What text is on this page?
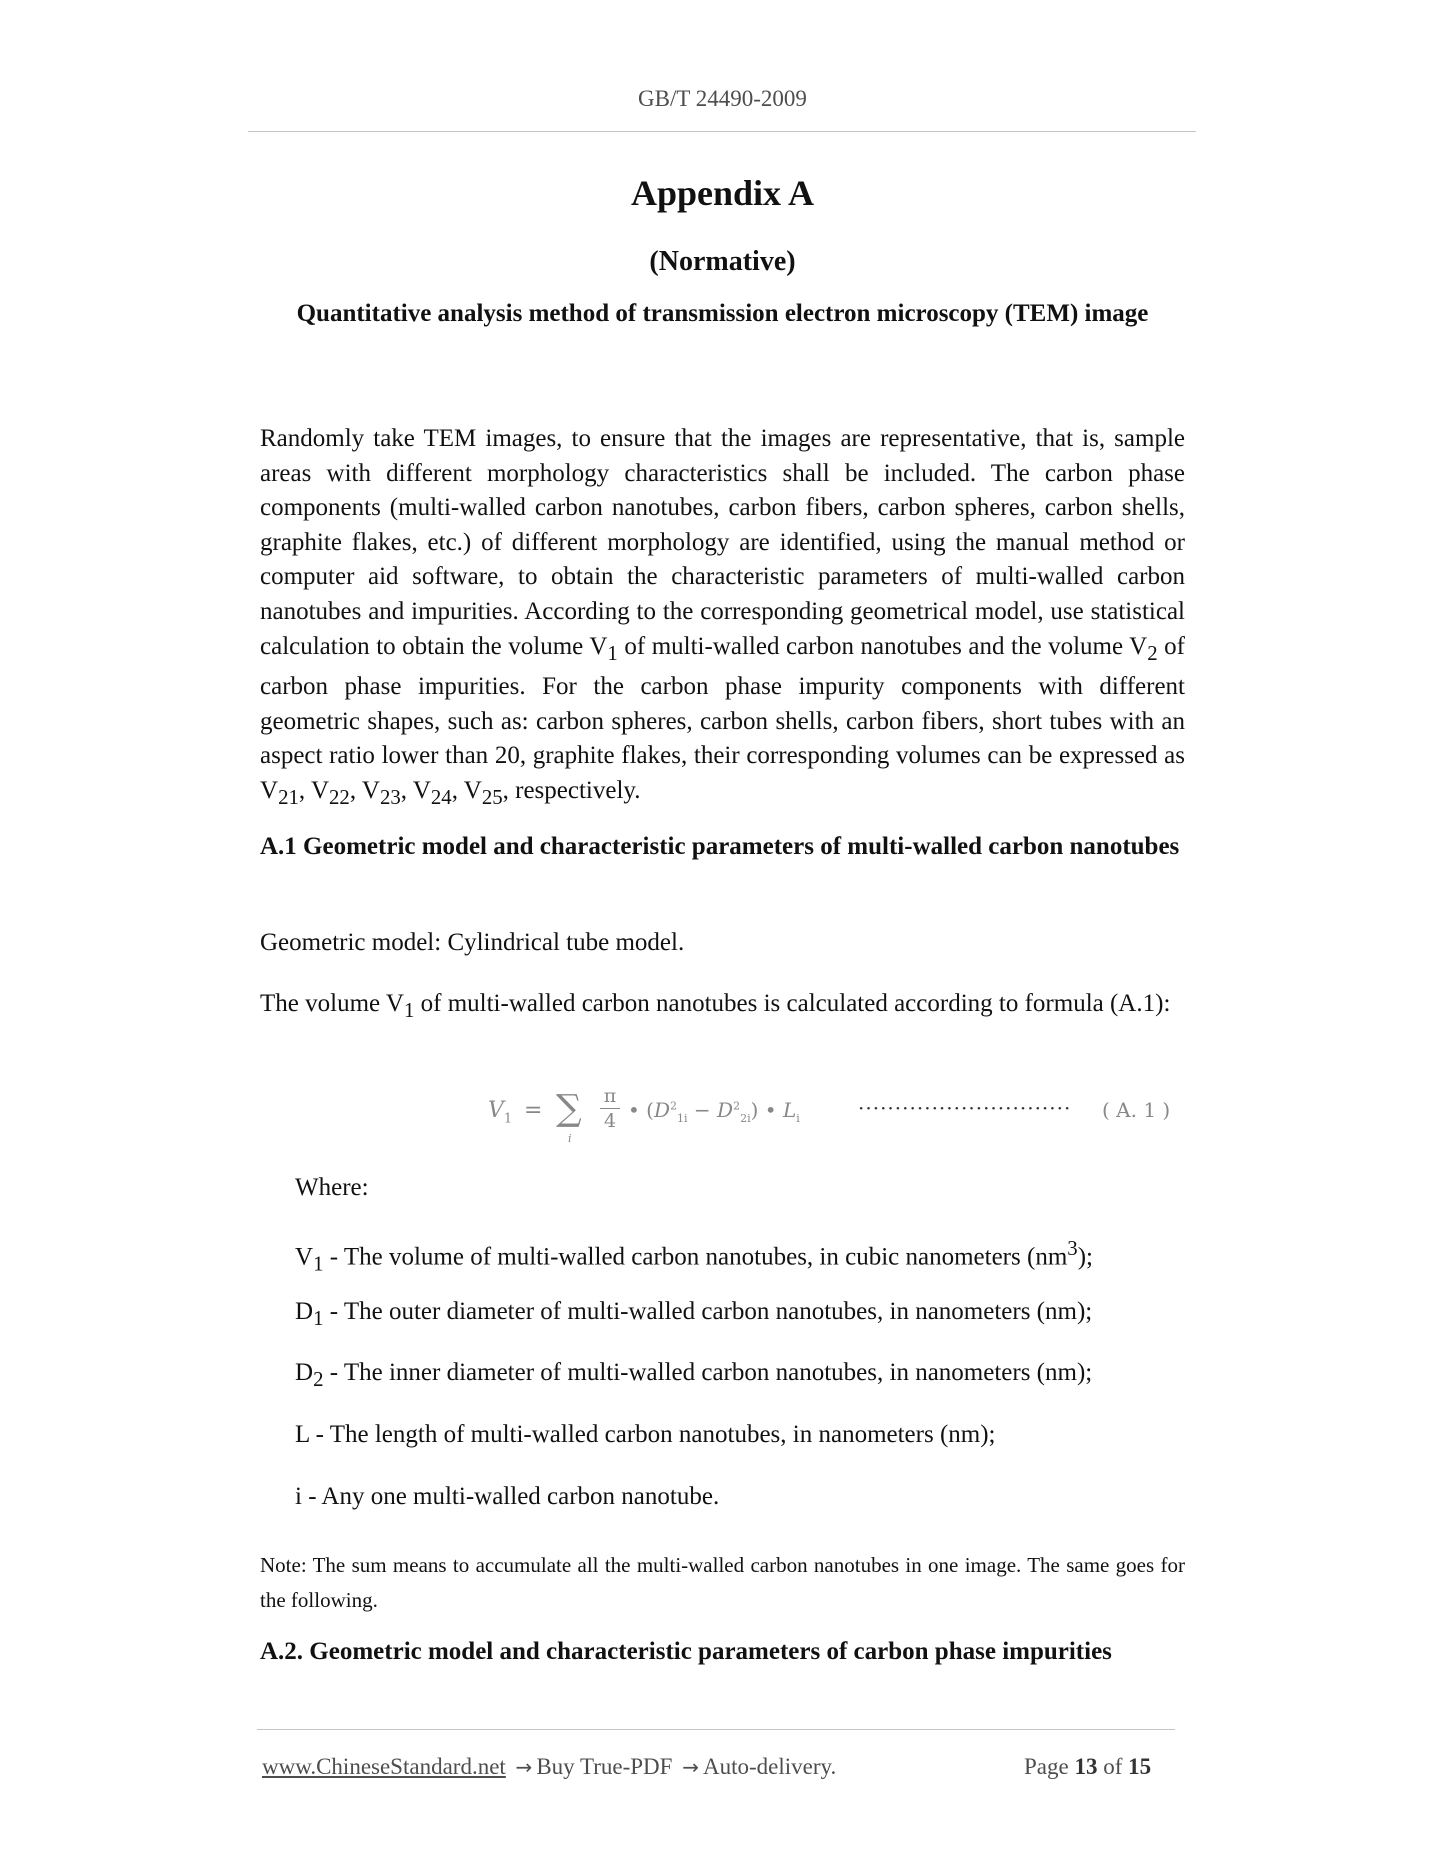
GB/T 24490-2009
Appendix A
(Normative)
Quantitative analysis method of transmission electron microscopy (TEM) image

Randomly take TEM images, to ensure that the images are representative, that is, sample areas with different morphology characteristics shall be included. The carbon phase components (multi-walled carbon nanotubes, carbon fibers, carbon spheres, carbon shells, graphite flakes, etc.) of different morphology are identified, using the manual method or computer aid software, to obtain the characteristic parameters of multi-walled carbon nanotubes and impurities. According to the corresponding geometrical model, use statistical calculation to obtain the volume $V_1$ of multi-walled carbon nanotubes and the volume $V_2$ of carbon phase impurities. For the carbon phase impurity components with different geometric shapes, such as: carbon spheres, carbon shells, carbon fibers, short tubes with an aspect ratio lower than 20, graphite flakes, their corresponding volumes can be expressed as $V_{21}$, $V_{22}$, $V_{23}$, $V_{24}$, $V_{25}$, respectively.

A.1 Geometric model and characteristic parameters of multi-walled carbon nanotubes

Geometric model: Cylindrical tube model.

The volume $V_1$ of multi-walled carbon nanotubes is calculated according to formula (A.1):

$V_1$ = ∑
i
$\frac{\pi}{4}$ • $(D^2_{1i} - D^2_{2i})$ • $L_i$	····························· ( A. 1 )

Where:

$V_1$ - The volume of multi-walled carbon nanotubes, in cubic nanometers $(nm^3)$;

$D_1$ - The outer diameter of multi-walled carbon nanotubes, in nanometers (nm);

$D_2$ - The inner diameter of multi-walled carbon nanotubes, in nanometers (nm);

L - The length of multi-walled carbon nanotubes, in nanometers (nm);

i - Any one multi-walled carbon nanotube.

Note: The sum means to accumulate all the multi-walled carbon nanotubes in one image. The same goes for the following.

A.2. Geometric model and characteristic parameters of carbon phase impurities

www.ChineseStandard.net → Buy True-PDF → Auto-delivery.	Page 13 of 15
